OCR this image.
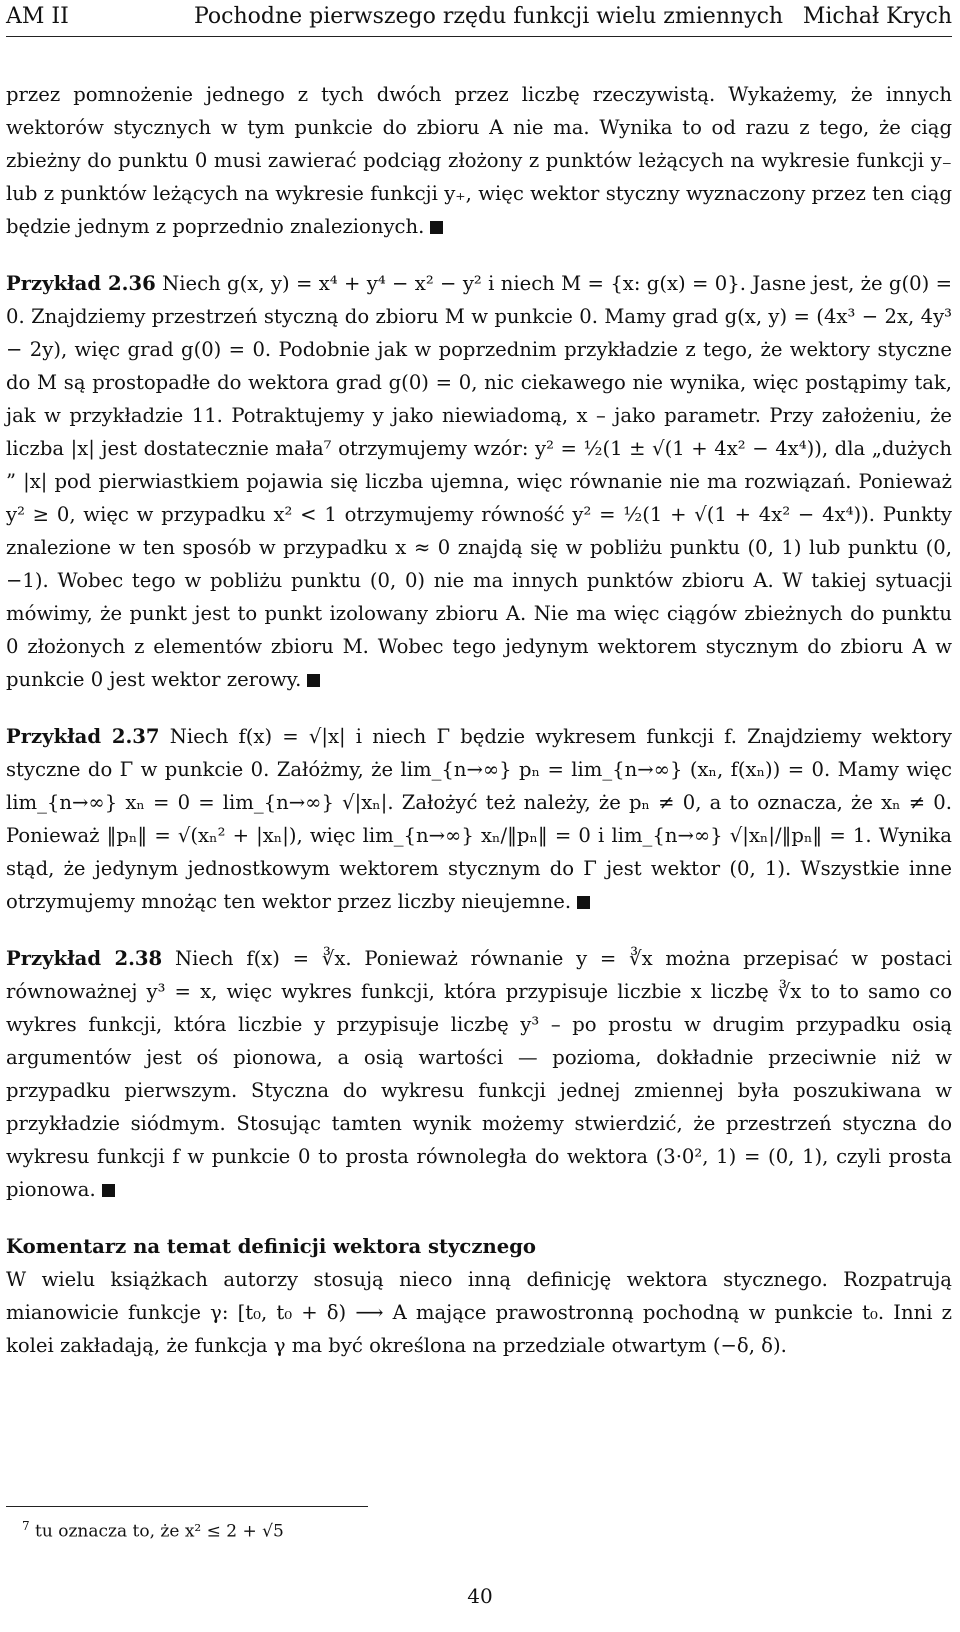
AM II	Pochodne pierwszego rzędu funkcji wielu zmiennych Michał Krych

przez pomnożenie jednego z tych dwóch przez liczbę rzeczywistą. Wykażemy, że innych wektorów stycznych w tym punkcie do zbioru A nie ma. Wynika to od razu z tego, że ciąg zbieżny do punktu 0 musi zawierać podciąg złożony z punktów leżących na wykresie funkcji y₋ lub z punktów leżących na wykresie funkcji y₊, więc wektor styczny wyznaczony przez ten ciąg będzie jednym z poprzednio znalezionych.

Przykład 2.36 Niech g(x, y) = x⁴ + y⁴ − x² − y² i niech M = {x: g(x) = 0}. Jasne jest, że g(0) = 0. Znajdziemy przestrzeń styczną do zbioru M w punkcie 0. Mamy grad g(x, y) = (4x³ − 2x, 4y³ − 2y), więc grad g(0) = 0. Podobnie jak w poprzednim przykładzie z tego, że wektory styczne do M są prostopadłe do wektora grad g(0) = 0, nic ciekawego nie wynika, więc postąpimy tak, jak w przykładzie 11. Potraktujemy y jako niewiadomą, x – jako parametr. Przy założeniu, że liczba |x| jest dostatecznie mała⁷ otrzymujemy wzór: y² = ½(1 ± √(1 + 4x² − 4x⁴)), dla „dużych ” |x| pod pierwiastkiem pojawia się liczba ujemna, więc równanie nie ma rozwiązań. Ponieważ y² ≥ 0, więc w przypadku x² < 1 otrzymujemy równość y² = ½(1 + √(1 + 4x² − 4x⁴)). Punkty znalezione w ten sposób w przypadku x ≈ 0 znajdą się w pobliżu punktu (0, 1) lub punktu (0, −1). Wobec tego w pobliżu punktu (0, 0) nie ma innych punktów zbioru A. W takiej sytuacji mówimy, że punkt jest to punkt izolowany zbioru A. Nie ma więc ciągów zbieżnych do punktu 0 złożonych z elementów zbioru M. Wobec tego jedynym wektorem stycznym do zbioru A w punkcie 0 jest wektor zerowy.

Przykład 2.37 Niech f(x) = √|x| i niech Γ będzie wykresem funkcji f. Znajdziemy wektory styczne do Γ w punkcie 0. Załóżmy, że lim_{n→∞} pₙ = lim_{n→∞} (xₙ, f(xₙ)) = 0. Mamy więc lim_{n→∞} xₙ = 0 = lim_{n→∞} √|xₙ|. Założyć też należy, że pₙ ≠ 0, a to oznacza, że xₙ ≠ 0. Ponieważ ‖pₙ‖ = √(xₙ² + |xₙ|), więc lim_{n→∞} xₙ/‖pₙ‖ = 0 i lim_{n→∞} √|xₙ|/‖pₙ‖ = 1. Wynika stąd, że jedynym jednostkowym wektorem stycznym do Γ jest wektor (0, 1). Wszystkie inne otrzymujemy mnożąc ten wektor przez liczby nieujemne.

Przykład 2.38 Niech f(x) = ∛x. Ponieważ równanie y = ∛x można przepisać w postaci równoważnej y³ = x, więc wykres funkcji, która przypisuje liczbie x liczbę ∛x to to samo co wykres funkcji, która liczbie y przypisuje liczbę y³ – po prostu w drugim przypadku osią argumentów jest oś pionowa, a osią wartości — pozioma, dokładnie przeciwnie niż w przypadku pierwszym. Styczna do wykresu funkcji jednej zmiennej była poszukiwana w przykładzie siódmym. Stosując tamten wynik możemy stwierdzić, że przestrzeń styczna do wykresu funkcji f w punkcie 0 to prosta równoległa do wektora (3·0², 1) = (0, 1), czyli prosta pionowa.

Komentarz na temat definicji wektora stycznego

W wielu książkach autorzy stosują nieco inną definicję wektora stycznego. Rozpatrują mianowicie funkcje γ: [t₀, t₀ + δ) ⟶ A mające prawostronną pochodną w punkcie t₀. Inni z kolei zakładają, że funkcja γ ma być określona na przedziale otwartym (−δ, δ).

$^7$ tu oznacza to, że x² ≤ 2 + √5
40
